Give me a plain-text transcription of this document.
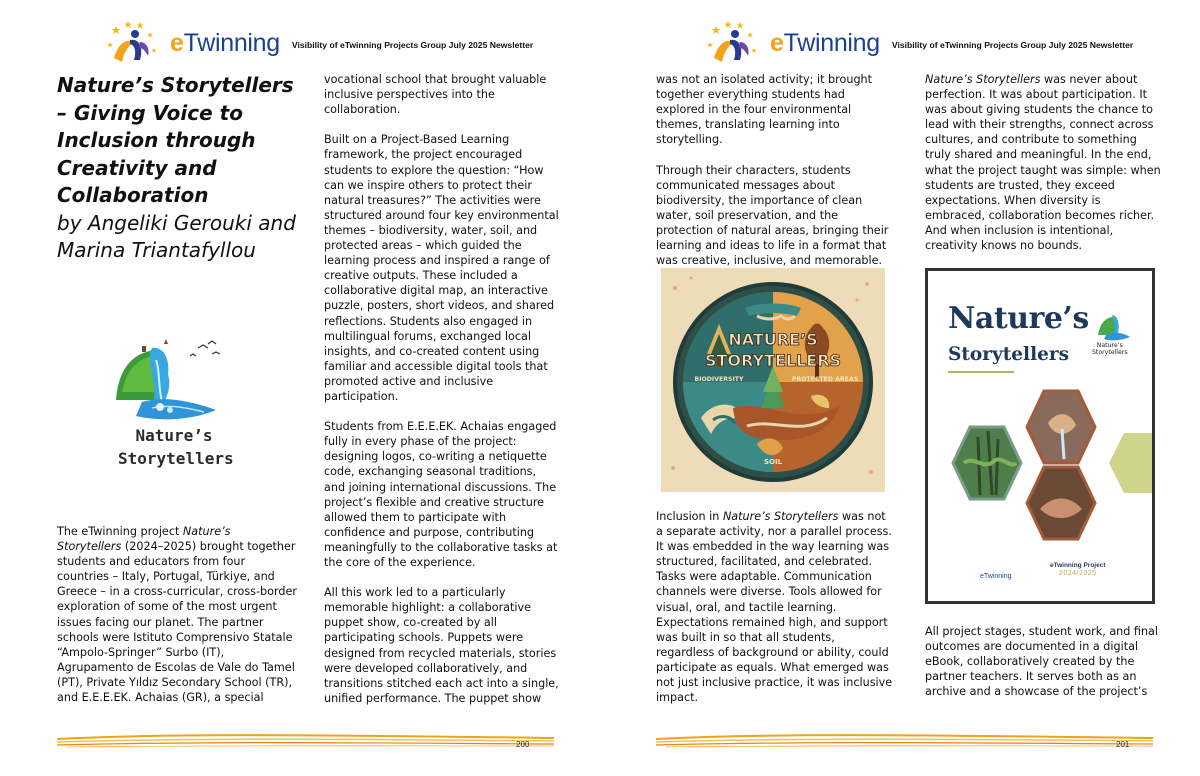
eTwinning Visibility of eTwinning Projects Group July 2025 Newsletter
Nature’s Storytellers – Giving Voice to Inclusion through Creativity and Collaboration
by Angeliki Gerouki and Marina Triantafyllou
Nature’s
Storytellers

The eTwinning project Nature’s Storytellers (2024–2025) brought together students and educators from four countries – Italy, Portugal, Türkiye, and Greece – in a cross-curricular, cross-border exploration of some of the most urgent issues facing our planet. The partner schools were Istituto Comprensivo Statale “Ampolo-Springer” Surbo (IT), Agrupamento de Escolas de Vale do Tamel (PT), Private Yıldız Secondary School (TR), and E.E.E.EK. Achaias (GR), a special

vocational school that brought valuable inclusive perspectives into the collaboration.

Built on a Project-Based Learning framework, the project encouraged students to explore the question: “How can we inspire others to protect their natural treasures?” The activities were structured around four key environmental themes – biodiversity, water, soil, and protected areas – which guided the learning process and inspired a range of creative outputs. These included a collaborative digital map, an interactive puzzle, posters, short videos, and shared reflections. Students also engaged in multilingual forums, exchanged local insights, and co-created content using familiar and accessible digital tools that promoted active and inclusive participation.

Students from E.E.E.EK. Achaias engaged fully in every phase of the project: designing logos, co-writing a netiquette code, exchanging seasonal traditions, and joining international discussions. The project’s flexible and creative structure allowed them to participate with confidence and purpose, contributing meaningfully to the collaborative tasks at the core of the experience.

All this work led to a particularly memorable highlight: a collaborative puppet show, co-created by all participating schools. Puppets were designed from recycled materials, stories were developed collaboratively, and transitions stitched each act into a single, unified performance. The puppet show

200
eTwinning Visibility of eTwinning Projects Group July 2025 Newsletter

was not an isolated activity; it brought together everything students had explored in the four environmental themes, translating learning into storytelling.

Through their characters, students communicated messages about biodiversity, the importance of clean water, soil preservation, and the protection of natural areas, bringing their learning and ideas to life in a format that was creative, inclusive, and memorable.

NATURE’S
STORYTELLERS
BIODIVERSITY	PROTECTED AREAS
SOIL

Inclusion in Nature’s Storytellers was not a separate activity, nor a parallel process. It was embedded in the way learning was structured, facilitated, and celebrated. Tasks were adaptable. Communication channels were diverse. Tools allowed for visual, oral, and tactile learning. Expectations remained high, and support was built in so that all students, regardless of background or ability, could participate as equals. What emerged was not just inclusive practice, it was inclusive impact.

Nature’s Storytellers was never about perfection. It was about participation. It was about giving students the chance to lead with their strengths, connect across cultures, and contribute to something truly shared and meaningful. In the end, what the project taught was simple: when students are trusted, they exceed expectations. When diversity is embraced, collaboration becomes richer. And when inclusion is intentional, creativity knows no bounds.

Nature’s
Storytellers	Nature’s
Storytellers
eTwinning
eTwinning Project
2024/2025

All project stages, student work, and final outcomes are documented in a digital eBook, collaboratively created by the partner teachers. It serves both as an archive and a showcase of the project’s

201
